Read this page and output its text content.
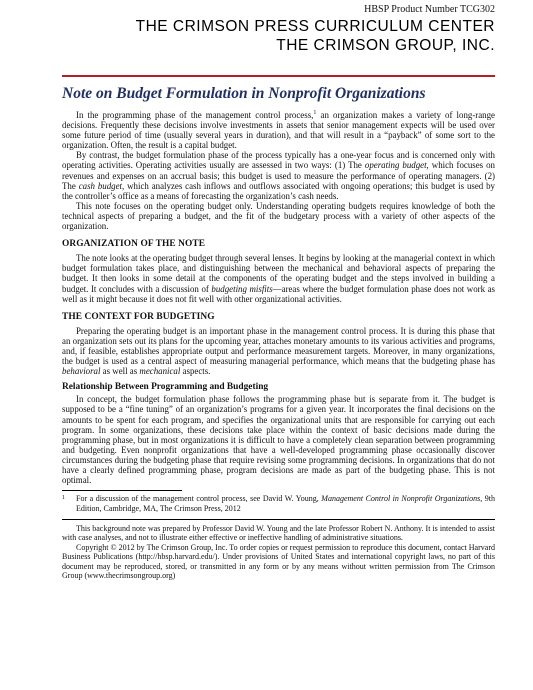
HBSP Product Number TCG302
THE CRIMSON PRESS CURRICULUM CENTER
THE CRIMSON GROUP, INC.
Note on Budget Formulation in Nonprofit Organizations

In the programming phase of the management control process,$^1$ an organization makes a variety of long-range decisions. Frequently these decisions involve investments in assets that senior management expects will be used over some future period of time (usually several years in duration), and that will result in a “payback” of some sort to the organization. Often, the result is a capital budget.

By contrast, the budget formulation phase of the process typically has a one-year focus and is concerned only with operating activities. Operating activities usually are assessed in two ways: (1) The operating budget, which focuses on revenues and expenses on an accrual basis; this budget is used to measure the performance of operating managers. (2) The cash budget, which analyzes cash inflows and outflows associated with ongoing operations; this budget is used by the controller’s office as a means of forecasting the organization’s cash needs.

This note focuses on the operating budget only. Understanding operating budgets requires knowledge of both the technical aspects of preparing a budget, and the fit of the budgetary process with a variety of other aspects of the organization.

ORGANIZATION OF THE NOTE

The note looks at the operating budget through several lenses. It begins by looking at the managerial context in which budget formulation takes place, and distinguishing between the mechanical and behavioral aspects of preparing the budget. It then looks in some detail at the components of the operating budget and the steps involved in building a budget. It concludes with a discussion of budgeting misfits—areas where the budget formulation phase does not work as well as it might because it does not fit well with other organizational activities.

THE CONTEXT FOR BUDGETING

Preparing the operating budget is an important phase in the management control process. It is during this phase that an organization sets out its plans for the upcoming year, attaches monetary amounts to its various activities and programs, and, if feasible, establishes appropriate output and performance measurement targets. Moreover, in many organizations, the budget is used as a central aspect of measuring managerial performance, which means that the budgeting phase has behavioral as well as mechanical aspects.

Relationship Between Programming and Budgeting

In concept, the budget formulation phase follows the programming phase but is separate from it. The budget is supposed to be a “fine tuning” of an organization’s programs for a given year. It incorporates the final decisions on the amounts to be spent for each program, and specifies the organizational units that are responsible for carrying out each program. In some organizations, these decisions take place within the context of basic decisions made during the programming phase, but in most organizations it is difficult to have a completely clean separation between programming and budgeting. Even nonprofit organizations that have a well-developed programming phase occasionally discover circumstances during the budgeting phase that require revising some programming decisions. In organizations that do not have a clearly defined programming phase, program decisions are made as part of the budgeting phase. This is not optimal.

1	For a discussion of the management control process, see David W. Young, Management Control in Nonprofit Organizations, 9th Edition, Cambridge, MA, The Crimson Press, 2012

This background note was prepared by Professor David W. Young and the late Professor Robert N. Anthony. It is intended to assist with case analyses, and not to illustrate either effective or ineffective handling of administrative situations.

Copyright © 2012 by The Crimson Group, Inc. To order copies or request permission to reproduce this document, contact Harvard Business Publications (http://hbsp.harvard.edu/). Under provisions of United States and international copyright laws, no part of this document may be reproduced, stored, or transmitted in any form or by any means without written permission from The Crimson Group (www.thecrimsongroup.org)
